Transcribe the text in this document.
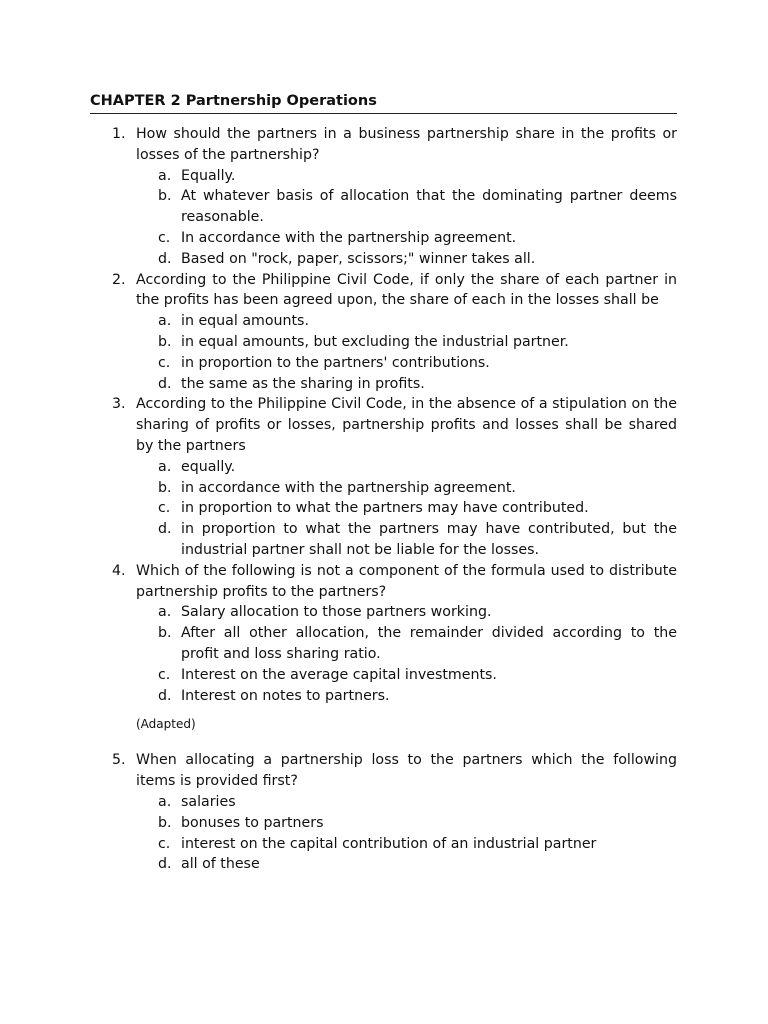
CHAPTER 2 Partnership Operations
1. How should the partners in a business partnership share in the profits or losses of the partnership?
a. Equally.
b. At whatever basis of allocation that the dominating partner deems reasonable.
c. In accordance with the partnership agreement.
d. Based on "rock, paper, scissors;" winner takes all.
2. According to the Philippine Civil Code, if only the share of each partner in the profits has been agreed upon, the share of each in the losses shall be
a. in equal amounts.
b. in equal amounts, but excluding the industrial partner.
c. in proportion to the partners' contributions.
d. the same as the sharing in profits.
3. According to the Philippine Civil Code, in the absence of a stipulation on the sharing of profits or losses, partnership profits and losses shall be shared by the partners
a. equally.
b. in accordance with the partnership agreement.
c. in proportion to what the partners may have contributed.
d. in proportion to what the partners may have contributed, but the industrial partner shall not be liable for the losses.
4. Which of the following is not a component of the formula used to distribute partnership profits to the partners?
a. Salary allocation to those partners working.
b. After all other allocation, the remainder divided according to the profit and loss sharing ratio.
c. Interest on the average capital investments.
d. Interest on notes to partners.
(Adapted)
5. When allocating a partnership loss to the partners which the following items is provided first?
a. salaries
b. bonuses to partners
c. interest on the capital contribution of an industrial partner
d. all of these
